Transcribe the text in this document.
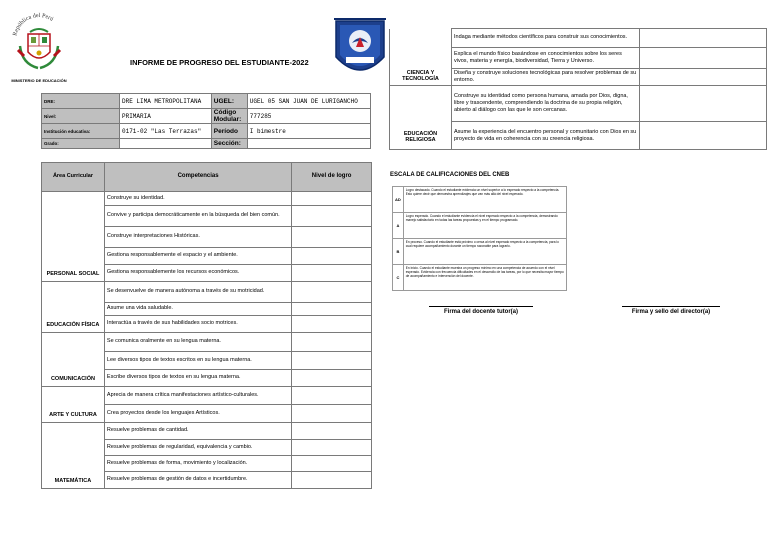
República del Perú
MINISTERIO DE EDUCACIÓN
INFORME DE PROGRESO DEL ESTUDIANTE-2022
DRE:	DRE LIMA METROPOLITANA	UGEL:	UGEL 05 SAN JUAN DE LURIGANCHO
Nivel:	PRIMARIA	Código Modular:	777285
Institución educativa:	0171-02 "Las Terrazas"	Período	I bimestre
Grado:		Sección:	
Área Curricular	Competencias	Nivel de logro
PERSONAL SOCIAL	Construye su identidad.	
	Convive y participa democráticamente en la búsqueda del bien común.	
	Construye interpretaciones Históricas.	
	Gestiona responsablemente el espacio y el ambiente.	
	Gestiona responsablemente los recursos económicos.	
EDUCACIÓN FÍSICA	Se desenvuelve de manera autónoma a través de su motricidad.	
	Asume una vida saludable.	
	Interactúa a través de sus habilidades socio motrices.	
COMUNICACIÓN	Se comunica oralmente en su lengua materna.	
	Lee diversos tipos de textos escritos en su lengua materna.	
	Escribe diversos tipos de textos en su lengua materna.	
ARTE Y CULTURA	Aprecia de manera crítica manifestaciones artístico-culturales.	
	Crea proyectos desde los lenguajes Artísticos.	
MATEMÁTICA	Resuelve problemas de cantidad.	
	Resuelve problemas de regularidad, equivalencia y cambio.	
	Resuelve problemas de forma, movimiento y localización.	
	Resuelve problemas de gestión de datos e incertidumbre.	
CIENCIA Y TECNOLOGÍA	Indaga mediante métodos científicos para construir sus conocimientos.	
	Explica el mundo físico basándose en conocimientos sobre los seres vivos, materia y energía, biodiversidad, Tierra y Universo.	
	Diseña y construye soluciones tecnológicas para resolver problemas de su entorno.	
EDUCACIÓN RELIGIOSA	Construye su identidad como persona humana, amada por Dios, digna, libre y trascendente, comprendiendo la doctrina de su propia religión, abierto al diálogo con las que le son cercanas.	
	Asume la experiencia del encuentro personal y comunitario con Dios en su proyecto de vida en coherencia con su creencia religiosa.	
ESCALA DE CALIFICACIONES DEL CNEB
AD	Logro destacado. Cuando el estudiante evidencia un nivel superior a lo esperado respecto a la competencia. Esto quiere decir que demuestra aprendizajes que van más allá del nivel esperado.
A	Logro esperado. Cuando el estudiante evidencia el nivel esperado respecto a la competencia, demostrando manejo satisfactorio en todas las tareas propuestas y en el tiempo programado.
B	En proceso. Cuando el estudiante está próximo o cerca al nivel esperado respecto a la competencia, para lo cual requiere acompañamiento durante un tiempo razonable para lograrlo.
C	En inicio. Cuando el estudiante muestra un progreso mínimo en una competencia de acuerdo con el nivel esperado. Evidencia con frecuencia dificultades en el desarrollo de las tareas, por lo que necesita mayor tiempo de acompañamiento e intervención del docente.
Firma del docente tutor(a)	Firma y sello del director(a)
